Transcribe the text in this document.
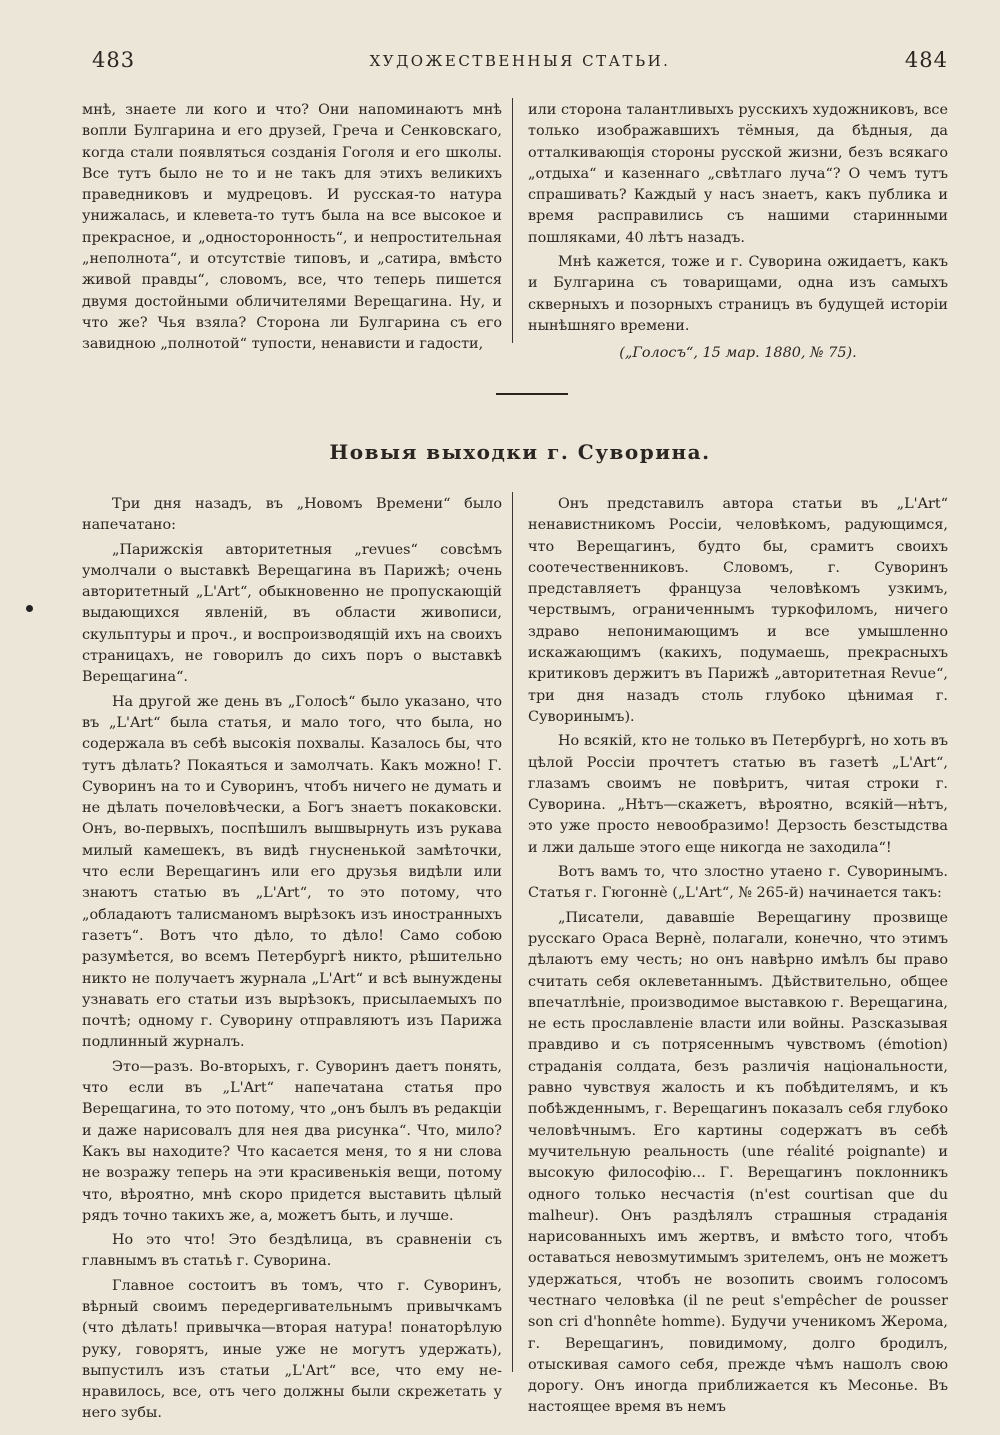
483	ХУДОЖЕСТВЕННЫЯ СТАТЬИ.	484

мнѣ, знаете ли кого и что? Они напоминаютъ мнѣ вопли Булгарина и его друзей, Греча и Сенковскаго, когда стали появляться созданія Гоголя и его школы. Все тутъ было не то и не такъ для этихъ великихъ праведниковъ и мудрецовъ. И русская-то натура унижалась, и клевета-то тутъ была на все высокое и прекрасное, и „односторонность“, и непростительная „неполнота“, и отсутствіе типовъ, и „сатира, вмѣсто живой правды“, словомъ, все, что теперь пишется двумя достойными обличителями Верещагина. Ну, и что же? Чья взяла? Сторона ли Булгарина съ его завидною „полнотой“ тупости, ненависти и гадости,

или сторона талантливыхъ русскихъ художниковъ, все только изображавшихъ тёмныя, да бѣдныя, да отталкивающія стороны русской жизни, безъ всякаго „отдыха“ и казеннаго „свѣтлаго луча“? О чемъ тутъ спрашивать? Каждый у насъ знаетъ, какъ публика и время расправились съ нашими старинными пошляками, 40 лѣтъ назадъ.

Мнѣ кажется, тоже и г. Суворина ожидаетъ, какъ и Булгарина съ товарищами, одна изъ самыхъ скверныхъ и позорныхъ страницъ въ будущей исторіи нынѣшняго времени.

(„Голосъ“, 15 мар. 1880, № 75).

Новыя выходки г. Суворина.

Три дня назадъ, въ „Новомъ Времени“ было напечатано:

„Парижскія авторитетныя „revues“ совсѣмъ умолчали о выставкѣ Верещагина въ Парижѣ; очень авторитетный „L'Art“, обыкновенно не пропускающій выдающихся явленій, въ области живописи, скульптуры и проч., и воспроизводящій ихъ на своихъ страницахъ, не говорилъ до сихъ поръ о выставкѣ Верещагина“.

На другой же день въ „Голосѣ“ было указано, что въ „L'Art“ была статья, и мало того, что была, но содержала въ себѣ высокія похвалы. Казалось бы, что тутъ дѣлать? Покаяться и замолчать. Какъ можно! Г. Суворинъ на то и Суворинъ, чтобъ ничего не думать и не дѣлать почеловѣчески, а Богъ знаетъ покаковски. Онъ, во-первыхъ, поспѣшилъ вышвырнуть изъ рукава милый камешекъ, въ видѣ гнусненькой замѣточки, что если Верещагинъ или его друзья видѣли или знаютъ статью въ „L'Art“, то это потому, что „обладаютъ талисманомъ вырѣзокъ изъ иностранныхъ газетъ“. Вотъ что дѣло, то дѣло! Само собою разумѣется, во всемъ Петербургѣ никто, рѣшительно никто не получаетъ журнала „L'Art“ и всѣ вынуждены узнавать его статьи изъ вырѣзокъ, присылаемыхъ по почтѣ; одному г. Суворину отправляютъ изъ Парижа подлинный журналъ.

Это—разъ. Во-вторыхъ, г. Суворинъ даетъ понять, что если въ „L'Art“ напечатана статья про Верещагина, то это потому, что „онъ былъ въ редакціи и даже нарисовалъ для нея два рисунка“. Что, мило? Какъ вы находите? Что касается меня, то я ни слова не возражу теперь на эти красивенькія вещи, потому что, вѣроятно, мнѣ скоро придется выставить цѣлый рядъ точно такихъ же, а, можетъ быть, и лучше.

Но это что! Это бездѣлица, въ сравненіи съ главнымъ въ статьѣ г. Суворина.

Главное состоитъ въ томъ, что г. Суворинъ, вѣрный своимъ передергивательнымъ привычкамъ (что дѣлать! привычка—вторая натура! понаторѣлую руку, говорятъ, иные уже не могутъ удержать), выпустилъ изъ статьи „L'Art“ все, что ему не-нравилось, все, отъ чего должны были скрежетать у него зубы.

Онъ представилъ автора статьи въ „L'Art“ ненавистникомъ Россіи, человѣкомъ, радующимся, что Верещагинъ, будто бы, срамитъ своихъ соотечественниковъ. Словомъ, г. Суворинъ представляетъ француза человѣкомъ узкимъ, черствымъ, ограниченнымъ туркофиломъ, ничего здраво непонимающимъ и все умышленно искажающимъ (какихъ, подумаешь, прекрасныхъ критиковъ держитъ въ Парижѣ „авторитетная Revue“, три дня назадъ столь глубоко цѣнимая г. Суворинымъ).

Но всякій, кто не только въ Петербургѣ, но хоть въ цѣлой Россіи прочтетъ статью въ газетѣ „L'Art“, глазамъ своимъ не повѣритъ, читая строки г. Суворина. „Нѣтъ—скажетъ, вѣроятно, всякій—нѣтъ, это уже просто невообразимо! Дерзость безстыдства и лжи дальше этого еще никогда не заходила“!

Вотъ вамъ то, что злостно утаено г. Суворинымъ. Статья г. Гюгоннѐ („L'Art“, № 265-й) начинается такъ:

„Писатели, дававшіе Верещагину прозвище русскаго Ораса Вернѐ, полагали, конечно, что этимъ дѣлаютъ ему честь; но онъ навѣрно имѣлъ бы право считать себя оклеветаннымъ. Дѣйствительно, общее впечатлѣніе, производимое выставкою г. Верещагина, не есть прославленіе власти или войны. Разсказывая правдиво и съ потрясеннымъ чувствомъ (émotion) страданія солдата, безъ различія національности, равно чувствуя жалость и къ побѣдителямъ, и къ побѣжденнымъ, г. Верещагинъ показалъ себя глубоко человѣчнымъ. Его картины содержатъ въ себѣ мучительную реальность (une réalité poignante) и высокую философію... Г. Верещагинъ поклонникъ одного только несчастія (n'est courtisan que du malheur). Онъ раздѣлялъ страшныя страданія нарисованныхъ имъ жертвъ, и вмѣсто того, чтобъ оставаться невозмутимымъ зрителемъ, онъ не можетъ удержаться, чтобъ не возопить своимъ голосомъ честнаго человѣка (il ne peut s'empêcher de pousser son cri d'honnête homme). Будучи ученикомъ Жерома, г. Верещагинъ, повидимому, долго бродилъ, отыскивая самого себя, прежде чѣмъ нашолъ свою дорогу. Онъ иногда приближается къ Месонье. Въ настоящее время въ немъ
